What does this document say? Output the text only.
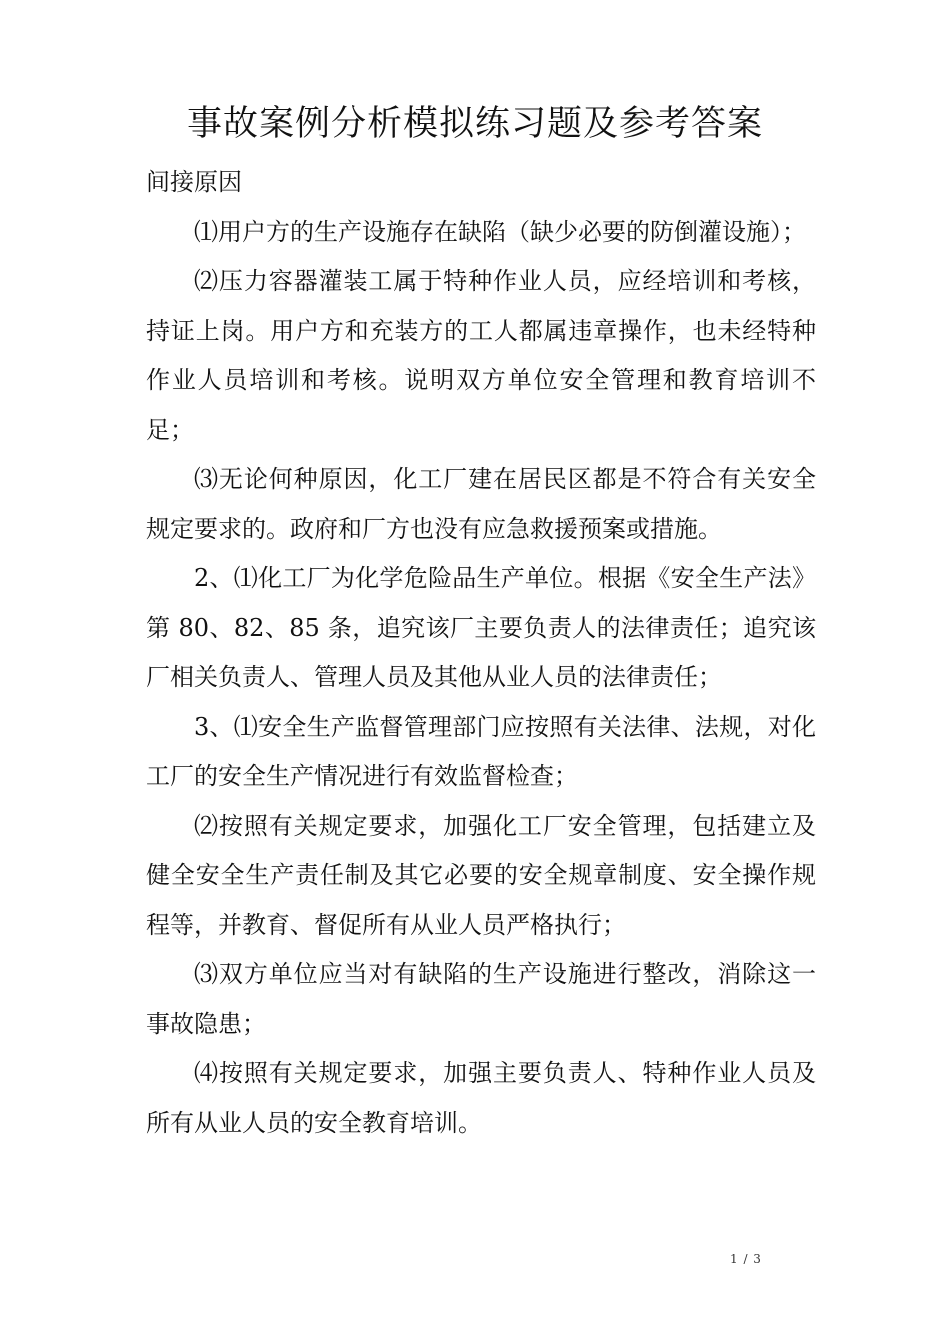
事故案例分析模拟练习题及参考答案

间接原因

⑴用户方的生产设施存在缺陷（缺少必要的防倒灌设施）；

⑵压力容器灌装工属于特种作业人员，应经培训和考核，持证上岗。用户方和充装方的工人都属违章操作，也未经特种作业人员培训和考核。说明双方单位安全管理和教育培训不足；

⑶无论何种原因，化工厂建在居民区都是不符合有关安全规定要求的。政府和厂方也没有应急救援预案或措施。

2、⑴化工厂为化学危险品生产单位。根据《安全生产法》第 80、82、85 条，追究该厂主要负责人的法律责任；追究该厂相关负责人、管理人员及其他从业人员的法律责任；

3、⑴安全生产监督管理部门应按照有关法律、法规，对化工厂的安全生产情况进行有效监督检查；

⑵按照有关规定要求，加强化工厂安全管理，包括建立及健全安全生产责任制及其它必要的安全规章制度、安全操作规程等，并教育、督促所有从业人员严格执行；

⑶双方单位应当对有缺陷的生产设施进行整改，消除这一事故隐患；

⑷按照有关规定要求，加强主要负责人、特种作业人员及所有从业人员的安全教育培训。

1 / 3
